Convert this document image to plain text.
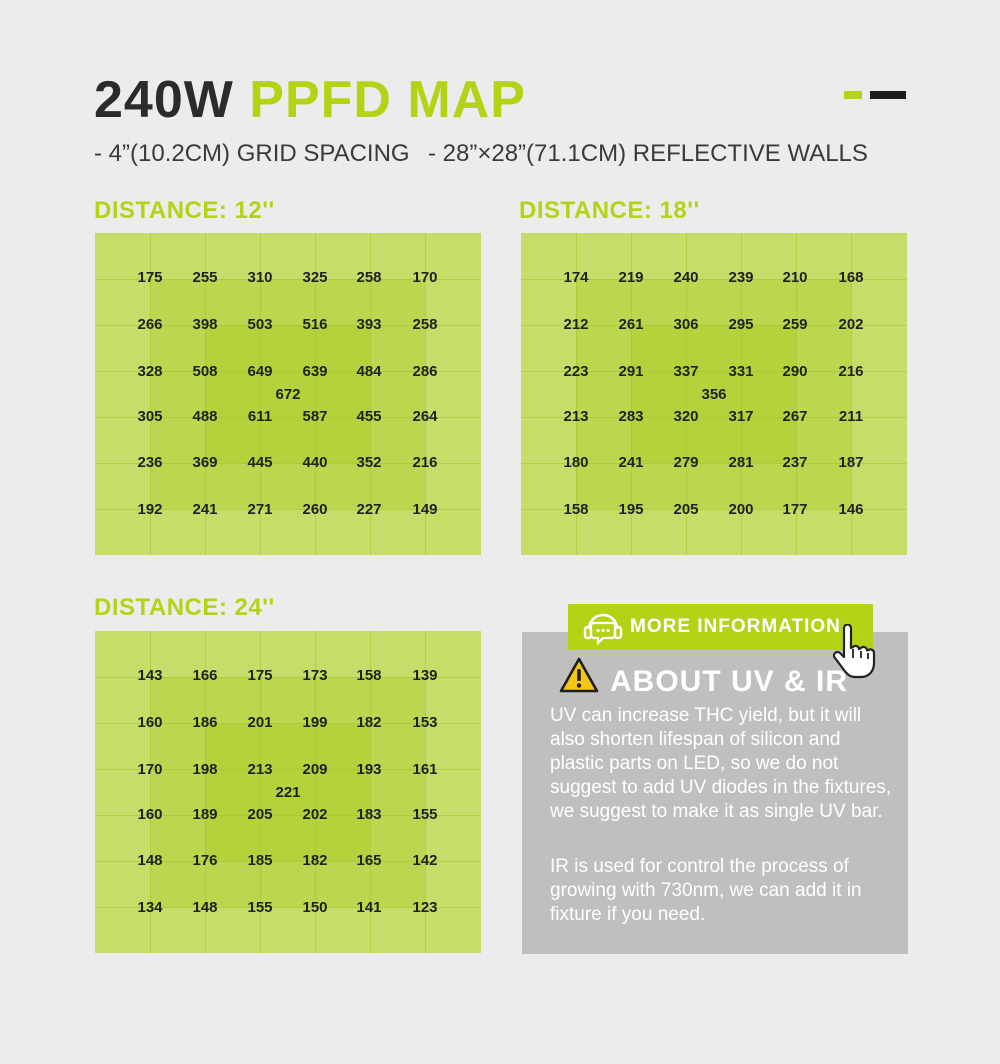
240W PPFD MAP
- 4”(10.2CM) GRID SPACING - 28”×28”(71.1CM) REFLECTIVE WALLS
DISTANCE: 12''
175	255	310	325	258	170
266	398	503	516	393	258
328	508	649	639	484	286
305	488	611	587	455	264
236	369	445	440	352	216
192	241	271	260	227	149
672
DISTANCE: 18''
174	219	240	239	210	168
212	261	306	295	259	202
223	291	337	331	290	216
213	283	320	317	267	211
180	241	279	281	237	187
158	195	205	200	177	146
356
DISTANCE: 24''
143	166	175	173	158	139
160	186	201	199	182	153
170	198	213	209	193	161
160	189	205	202	183	155
148	176	185	182	165	142
134	148	155	150	141	123
221
MORE INFORMATION
ABOUT UV & IR
UV can increase THC yield, but it will also shorten lifespan of silicon and plastic parts on LED, so we do not suggest to add UV diodes in the fixtures, we suggest to make it as single UV bar.
IR is used for control the process of growing with 730nm, we can add it in fixture if you need.
